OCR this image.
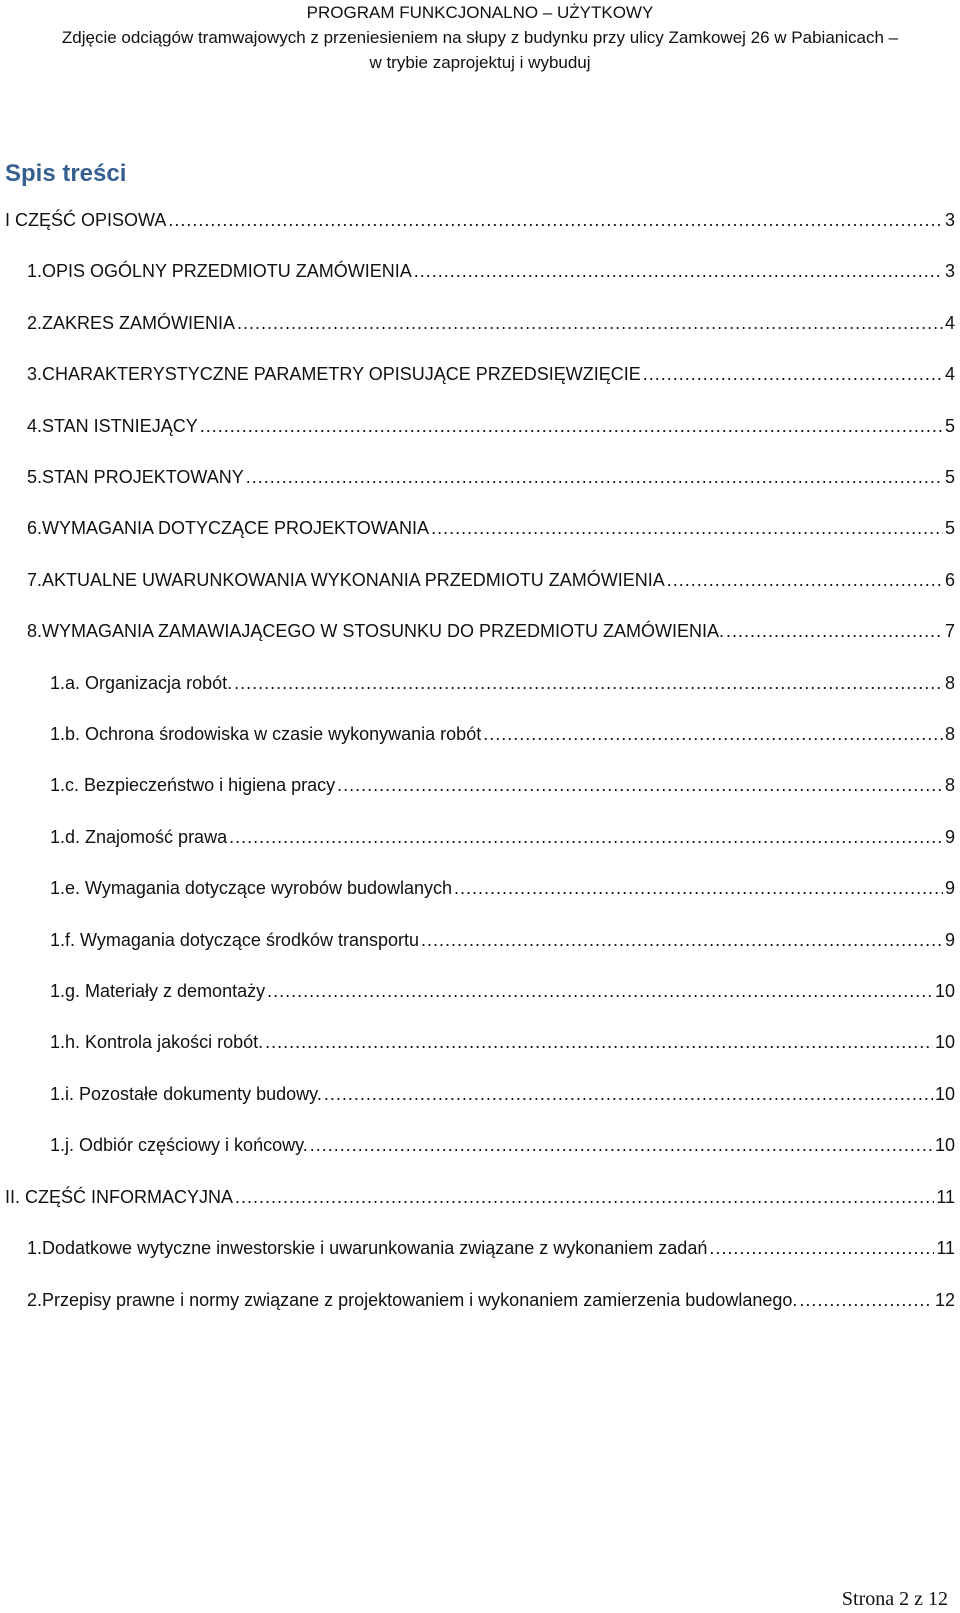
PROGRAM FUNKCJONALNO – UŻYTKOWY
Zdjęcie odciągów tramwajowych z przeniesieniem na słupy z budynku przy ulicy Zamkowej 26 w Pabianicach –
w trybie zaprojektuj i wybuduj
Spis treści
I CZĘŚĆ OPISOWA .....	3
1.OPIS OGÓLNY PRZEDMIOTU ZAMÓWIENIA .....	3
2.ZAKRES ZAMÓWIENIA .....	4
3.CHARAKTERYSTYCZNE PARAMETRY OPISUJĄCE PRZEDSIĘWZIĘCIE .....	4
4.STAN ISTNIEJĄCY .....	5
5.STAN PROJEKTOWANY .....	5
6.WYMAGANIA DOTYCZĄCE PROJEKTOWANIA .....	5
7.AKTUALNE UWARUNKOWANIA WYKONANIA PRZEDMIOTU ZAMÓWIENIA .....	6
8.WYMAGANIA ZAMAWIAJĄCEGO W STOSUNKU DO PRZEDMIOTU ZAMÓWIENIA. .....	7
1.a. Organizacja robót. .....	8
1.b. Ochrona środowiska w czasie wykonywania robót .....	8
1.c. Bezpieczeństwo i higiena pracy .....	8
1.d. Znajomość prawa .....	9
1.e. Wymagania dotyczące wyrobów budowlanych .....	9
1.f. Wymagania dotyczące środków transportu .....	9
1.g. Materiały z demontaży .....	10
1.h. Kontrola jakości robót. .....	10
1.i. Pozostałe dokumenty budowy. .....	10
1.j. Odbiór częściowy i końcowy. .....	10
II. CZĘŚĆ INFORMACYJNA .....	11
1.Dodatkowe wytyczne inwestorskie i uwarunkowania związane z wykonaniem zadań .....	11
2.Przepisy prawne i normy związane z projektowaniem i wykonaniem zamierzenia budowlanego. .....	12
Strona 2 z 12
